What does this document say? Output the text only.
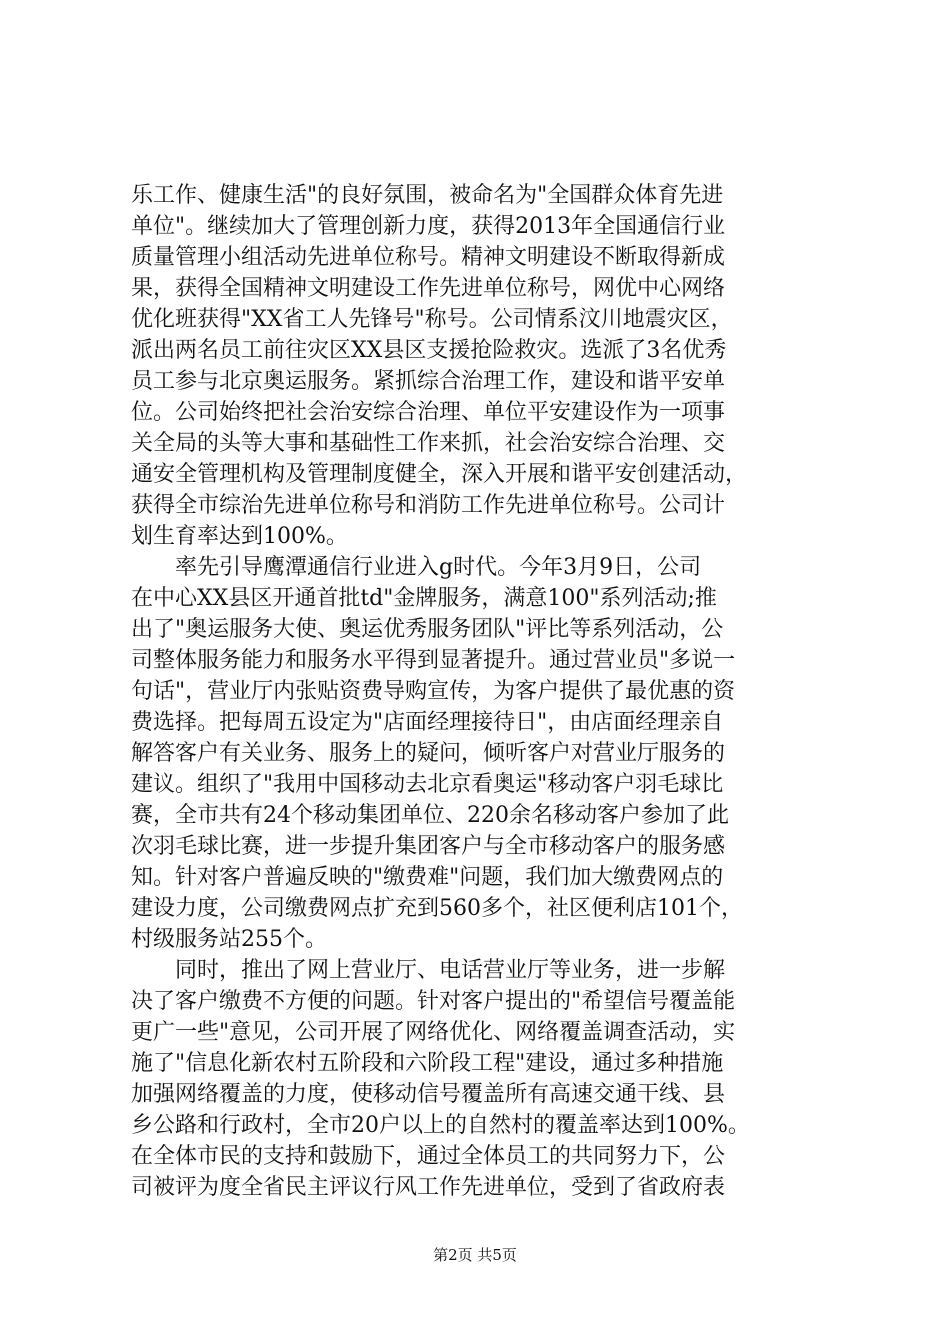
乐工作、健康生活"的良好氛围，被命名为"全国群众体育先进
单位"。继续加大了管理创新力度，获得2013年全国通信行业
质量管理小组活动先进单位称号。精神文明建设不断取得新成
果，获得全国精神文明建设工作先进单位称号，网优中心网络
优化班获得"XX省工人先锋号"称号。公司情系汶川地震灾区，
派出两名员工前往灾区XX县区支援抢险救灾。选派了3名优秀
员工参与北京奥运服务。紧抓综合治理工作，建设和谐平安单
位。公司始终把社会治安综合治理、单位平安建设作为一项事
关全局的头等大事和基础性工作来抓，社会治安综合治理、交
通安全管理机构及管理制度健全，深入开展和谐平安创建活动，
获得全市综治先进单位称号和消防工作先进单位称号。公司计
划生育率达到100%。
　　率先引导鹰潭通信行业进入g时代。今年3月9日，公司
在中心XX县区开通首批td"金牌服务，满意100"系列活动;推
出了"奥运服务大使、奥运优秀服务团队"评比等系列活动，公
司整体服务能力和服务水平得到显著提升。通过营业员"多说一
句话"，营业厅内张贴资费导购宣传，为客户提供了最优惠的资
费选择。把每周五设定为"店面经理接待日"，由店面经理亲自
解答客户有关业务、服务上的疑问，倾听客户对营业厅服务的
建议。组织了"我用中国移动去北京看奥运"移动客户羽毛球比
赛，全市共有24个移动集团单位、220余名移动客户参加了此
次羽毛球比赛，进一步提升集团客户与全市移动客户的服务感
知。针对客户普遍反映的"缴费难"问题，我们加大缴费网点的
建设力度，公司缴费网点扩充到560多个，社区便利店101个，
村级服务站255个。
　　同时，推出了网上营业厅、电话营业厅等业务，进一步解
决了客户缴费不方便的问题。针对客户提出的"希望信号覆盖能
更广一些"意见，公司开展了网络优化、网络覆盖调查活动，实
施了"信息化新农村五阶段和六阶段工程"建设，通过多种措施
加强网络覆盖的力度，使移动信号覆盖所有高速交通干线、县
乡公路和行政村，全市20户以上的自然村的覆盖率达到100%。
在全体市民的支持和鼓励下，通过全体员工的共同努力下，公
司被评为度全省民主评议行风工作先进单位，受到了省政府表
第2页 共5页
